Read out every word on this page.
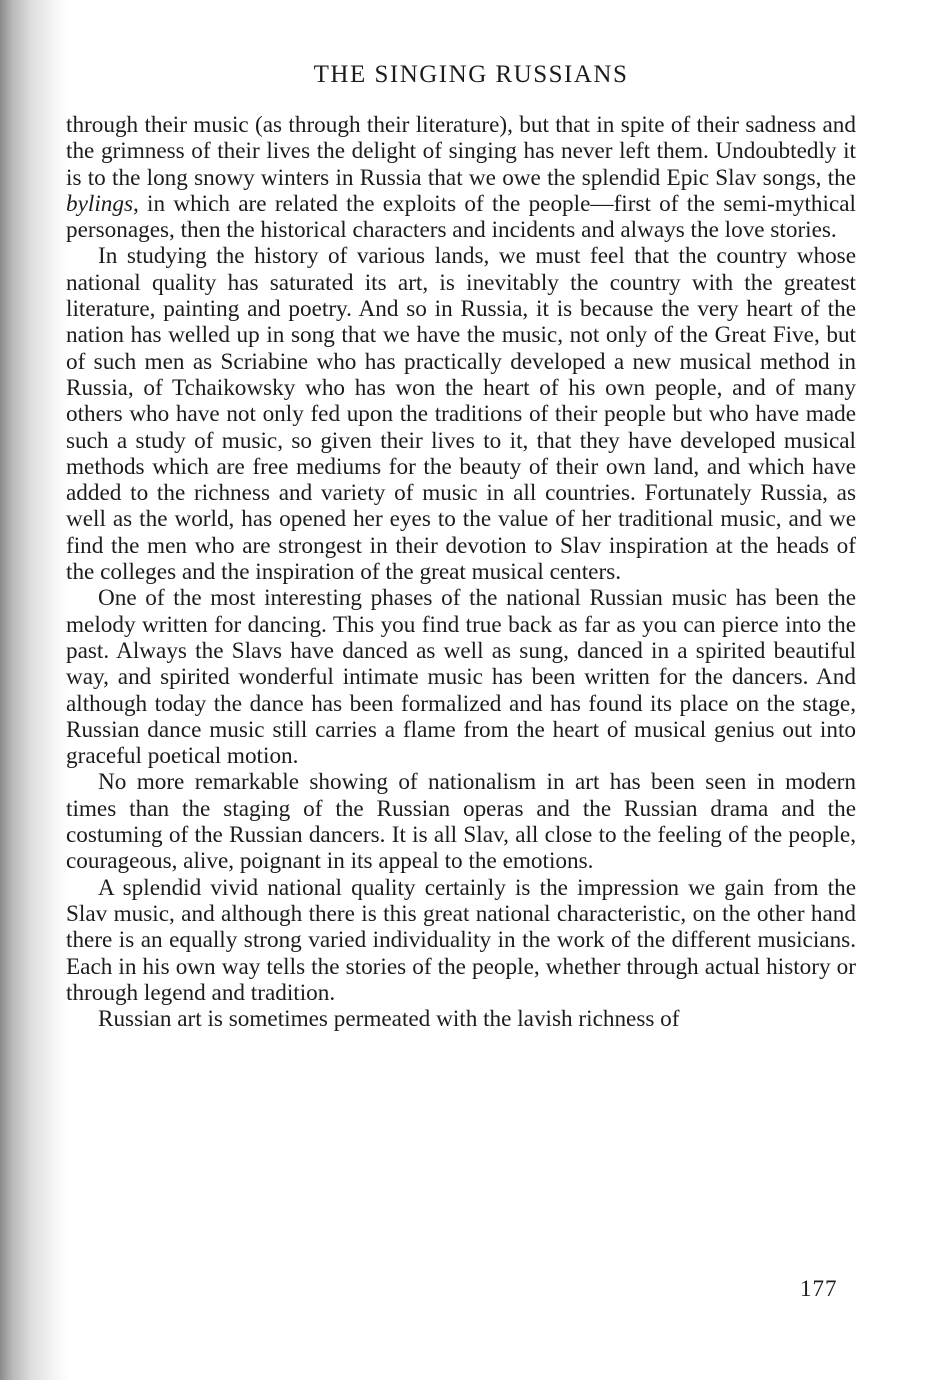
THE SINGING RUSSIANS

through their music (as through their literature), but that in spite of their sadness and the grimness of their lives the delight of singing has never left them. Undoubtedly it is to the long snowy winters in Russia that we owe the splendid Epic Slav songs, the bylings, in which are related the exploits of the people—first of the semi-mythical personages, then the historical characters and incidents and always the love stories.

In studying the history of various lands, we must feel that the country whose national quality has saturated its art, is inevitably the country with the greatest literature, painting and poetry. And so in Russia, it is because the very heart of the nation has welled up in song that we have the music, not only of the Great Five, but of such men as Scriabine who has practically developed a new musical method in Russia, of Tchaikowsky who has won the heart of his own people, and of many others who have not only fed upon the traditions of their people but who have made such a study of music, so given their lives to it, that they have developed musical methods which are free mediums for the beauty of their own land, and which have added to the richness and variety of music in all countries. Fortunately Russia, as well as the world, has opened her eyes to the value of her traditional music, and we find the men who are strongest in their devotion to Slav inspiration at the heads of the colleges and the inspiration of the great musical centers.

One of the most interesting phases of the national Russian music has been the melody written for dancing. This you find true back as far as you can pierce into the past. Always the Slavs have danced as well as sung, danced in a spirited beautiful way, and spirited wonderful intimate music has been written for the dancers. And although today the dance has been formalized and has found its place on the stage, Russian dance music still carries a flame from the heart of musical genius out into graceful poetical motion.

No more remarkable showing of nationalism in art has been seen in modern times than the staging of the Russian operas and the Russian drama and the costuming of the Russian dancers. It is all Slav, all close to the feeling of the people, courageous, alive, poignant in its appeal to the emotions.

A splendid vivid national quality certainly is the impression we gain from the Slav music, and although there is this great national characteristic, on the other hand there is an equally strong varied individuality in the work of the different musicians. Each in his own way tells the stories of the people, whether through actual history or through legend and tradition.

Russian art is sometimes permeated with the lavish richness of

177
